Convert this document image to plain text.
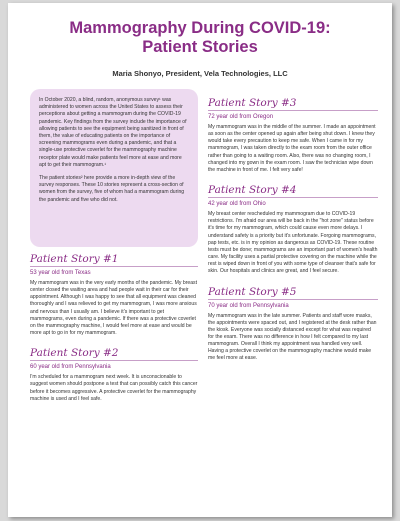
Mammography During COVID-19:
Patient Stories
Maria Shonyo, President, Vela Technologies, LLC

In October 2020, a blind, random, anonymous survey¹ was administered to women across the United States to assess their perceptions about getting a mammogram during the COVID-19 pandemic. Key findings from the survey include the importance of allowing patients to see the equipment being sanitized in front of them, the value of educating patients on the importance of screening mammograms even during a pandemic, and that a single-use protective coverlet for the mammography machine receptor plate would make patients feel more at ease and more apt to get their mammogram.¹

The patient stories² here provide a more in-depth view of the survey responses. These 10 stories represent a cross-section of women from the survey, five of whom had a mammogram during the pandemic and five who did not.

Patient Story #1
53 year old from Texas

My mammogram was in the very early months of the pandemic. My breast center closed the waiting area and had people wait in their car for their appointment. Although I was happy to see that all equipment was cleaned thoroughly and I was relieved to get my mammogram, I was more anxious and nervous than I usually am. I believe it's important to get mammograms, even during a pandemic. If there was a protective coverlet on the mammography machine, I would feel more at ease and would be more apt to go in for my mammogram.

Patient Story #2
60 year old from Pennsylvania

I'm scheduled for a mammogram next week. It is unconscionable to suggest women should postpone a test that can possibly catch this cancer before it becomes aggressive. A protective coverlet for the mammography machine is used and I feel safe.

Patient Story #3
72 year old from Oregon

My mammogram was in the middle of the summer. I made an appointment as soon as the center opened up again after being shut down. I knew they would take every precaution to keep me safe. When I came in for my mammogram, I was taken directly to the exam room from the outer office rather than going to a waiting room. Also, there was no changing room, I changed into my gown in the exam room. I saw the technician wipe down the machine in front of me. I felt very safe!

Patient Story #4
42 year old from Ohio

My breast center rescheduled my mammogram due to COVID-19 restrictions. I'm afraid our area will be back in the "hot zone" status before it's time for my mammogram, which could cause even more delays. I understand safety is a priority but it's unfortunate. Forgoing mammograms, pap tests, etc. is in my opinion as dangerous as COVID-19. These routine tests must be done; mammograms are an important part of women's health care. My facility uses a partial protective covering on the machine while the rest is wiped down in front of you with some type of cleanser that's safe for skin. Our hospitals and clinics are great, and I feel secure.

Patient Story #5
70 year old from Pennsylvania

My mammogram was in the late summer. Patients and staff wore masks, the appointments were spaced out, and I registered at the desk rather than the kiosk. Everyone was socially distanced except for what was required for the exam. There was no difference in how I felt compared to my last mammogram. Overall I think my appointment was handled very well. Having a protective coverlet on the mammography machine would make me feel more at ease.
